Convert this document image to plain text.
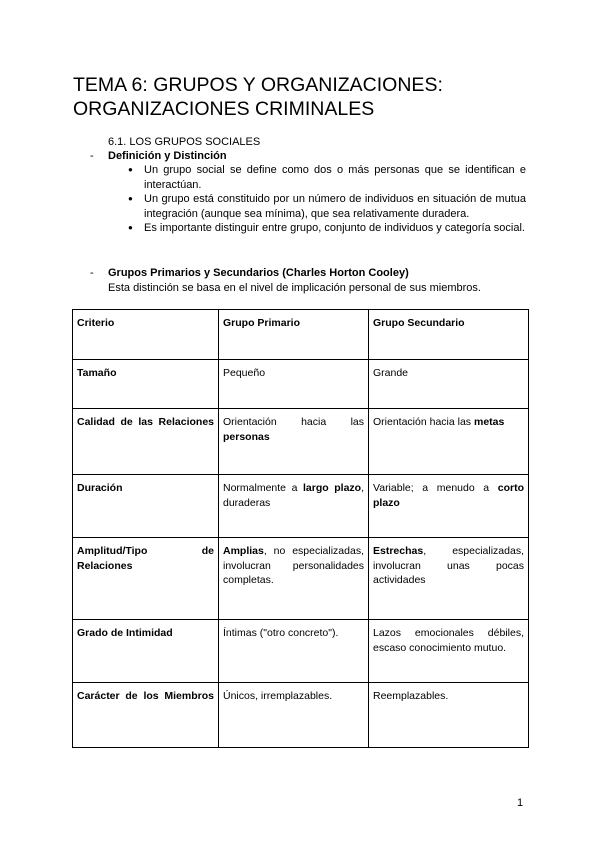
TEMA 6: GRUPOS Y ORGANIZACIONES: ORGANIZACIONES CRIMINALES
6.1. LOS GRUPOS SOCIALES
- Definición y Distinción
● Un grupo social se define como dos o más personas que se identifican e interactúan.
● Un grupo está constituido por un número de individuos en situación de mutua integración (aunque sea mínima), que sea relativamente duradera.
● Es importante distinguir entre grupo, conjunto de individuos y categoría social.
- Grupos Primarios y Secundarios (Charles Horton Cooley)
Esta distinción se basa en el nivel de implicación personal de sus miembros.
Criterio	Grupo Primario	Grupo Secundario
Tamaño	Pequeño	Grande
Calidad de las Relaciones	Orientación hacia las personas	Orientación hacia las metas
Duración	Normalmente a largo plazo, duraderas	Variable; a menudo a corto plazo
Amplitud/Tipo de Relaciones	Amplias, no especializadas, involucran personalidades completas.	Estrechas, especializadas, involucran unas pocas actividades
Grado de Intimidad	Íntimas ("otro concreto").	Lazos emocionales débiles, escaso conocimiento mutuo.
Carácter de los Miembros	Únicos, irremplazables.	Reemplazables.
1
